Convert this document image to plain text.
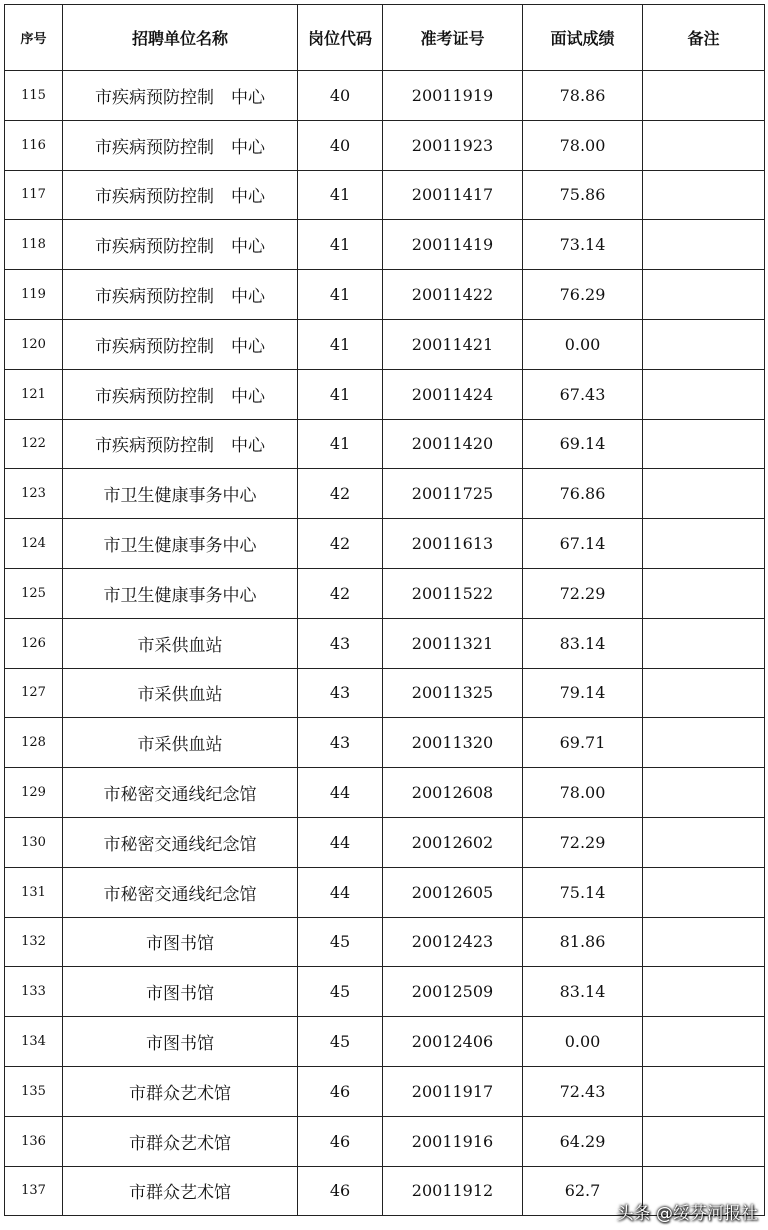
序号	招聘单位名称	岗位代码	准考证号	面试成绩	备注
115	市疾病预防控制　中心	40	20011919	78.86	
116	市疾病预防控制　中心	40	20011923	78.00	
117	市疾病预防控制　中心	41	20011417	75.86	
118	市疾病预防控制　中心	41	20011419	73.14	
119	市疾病预防控制　中心	41	20011422	76.29	
120	市疾病预防控制　中心	41	20011421	0.00	
121	市疾病预防控制　中心	41	20011424	67.43	
122	市疾病预防控制　中心	41	20011420	69.14	
123	市卫生健康事务中心	42	20011725	76.86	
124	市卫生健康事务中心	42	20011613	67.14	
125	市卫生健康事务中心	42	20011522	72.29	
126	市采供血站	43	20011321	83.14	
127	市采供血站	43	20011325	79.14	
128	市采供血站	43	20011320	69.71	
129	市秘密交通线纪念馆	44	20012608	78.00	
130	市秘密交通线纪念馆	44	20012602	72.29	
131	市秘密交通线纪念馆	44	20012605	75.14	
132	市图书馆	45	20012423	81.86	
133	市图书馆	45	20012509	83.14	
134	市图书馆	45	20012406	0.00	
135	市群众艺术馆	46	20011917	72.43	
136	市群众艺术馆	46	20011916	64.29	
137	市群众艺术馆	46	20011912	62.7	
头条 @绥芬河报社
